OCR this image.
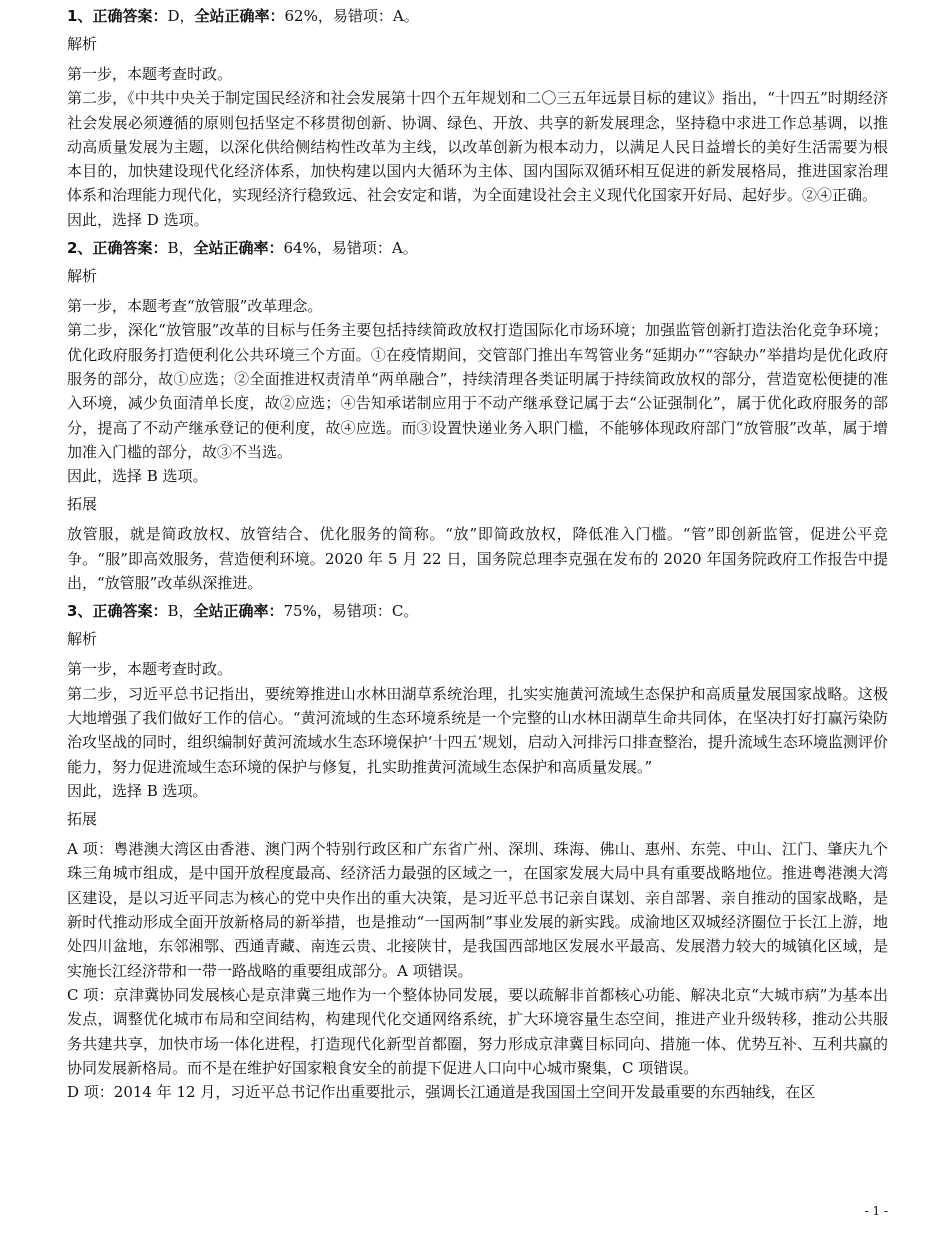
1、正确答案：D，全站正确率：62%，易错项：A。
解析

第一步，本题考查时政。

第二步，《中共中央关于制定国民经济和社会发展第十四个五年规划和二〇三五年远景目标的建议》指出，“十四五”时期经济社会发展必须遵循的原则包括坚定不移贯彻创新、协调、绿色、开放、共享的新发展理念，坚持稳中求进工作总基调，以推动高质量发展为主题，以深化供给侧结构性改革为主线，以改革创新为根本动力，以满足人民日益增长的美好生活需要为根本目的，加快建设现代化经济体系，加快构建以国内大循环为主体、国内国际双循环相互促进的新发展格局，推进国家治理体系和治理能力现代化，实现经济行稳致远、社会安定和谐，为全面建设社会主义现代化国家开好局、起好步。②④正确。

因此，选择 D 选项。

2、正确答案：B，全站正确率：64%，易错项：A。
解析

第一步，本题考查“放管服”改革理念。

第二步，深化“放管服”改革的目标与任务主要包括持续简政放权打造国际化市场环境；加强监管创新打造法治化竞争环境；优化政府服务打造便利化公共环境三个方面。①在疫情期间，交管部门推出车驾管业务“延期办”“容缺办”举措均是优化政府服务的部分，故①应选；②全面推进权责清单“两单融合”，持续清理各类证明属于持续简政放权的部分，营造宽松便捷的准入环境，减少负面清单长度，故②应选；④告知承诺制应用于不动产继承登记属于去“公证强制化”，属于优化政府服务的部分，提高了不动产继承登记的便利度，故④应选。而③设置快递业务入职门槛，不能够体现政府部门“放管服”改革，属于增加准入门槛的部分，故③不当选。

因此，选择 B 选项。

拓展

放管服，就是简政放权、放管结合、优化服务的简称。“放”即简政放权，降低准入门槛。“管”即创新监管，促进公平竞争。“服”即高效服务，营造便利环境。2020 年 5 月 22 日，国务院总理李克强在发布的 2020 年国务院政府工作报告中提出，“放管服”改革纵深推进。

3、正确答案：B，全站正确率：75%，易错项：C。
解析

第一步，本题考查时政。

第二步，习近平总书记指出，要统筹推进山水林田湖草系统治理，扎实实施黄河流域生态保护和高质量发展国家战略。这极大地增强了我们做好工作的信心。“黄河流域的生态环境系统是一个完整的山水林田湖草生命共同体，在坚决打好打赢污染防治攻坚战的同时，组织编制好黄河流域水生态环境保护‘十四五’规划，启动入河排污口排查整治，提升流域生态环境监测评价能力，努力促进流域生态环境的保护与修复，扎实助推黄河流域生态保护和高质量发展。”

因此，选择 B 选项。

拓展

A 项：粤港澳大湾区由香港、澳门两个特别行政区和广东省广州、深圳、珠海、佛山、惠州、东莞、中山、江门、肇庆九个珠三角城市组成，是中国开放程度最高、经济活力最强的区域之一，在国家发展大局中具有重要战略地位。推进粤港澳大湾区建设，是以习近平同志为核心的党中央作出的重大决策，是习近平总书记亲自谋划、亲自部署、亲自推动的国家战略，是新时代推动形成全面开放新格局的新举措，也是推动“一国两制”事业发展的新实践。成渝地区双城经济圈位于长江上游，地处四川盆地，东邻湘鄂、西通青藏、南连云贵、北接陕甘，是我国西部地区发展水平最高、发展潜力较大的城镇化区域，是实施长江经济带和一带一路战略的重要组成部分。A 项错误。

C 项：京津冀协同发展核心是京津冀三地作为一个整体协同发展，要以疏解非首都核心功能、解决北京“大城市病”为基本出发点，调整优化城市布局和空间结构，构建现代化交通网络系统，扩大环境容量生态空间，推进产业升级转移，推动公共服务共建共享，加快市场一体化进程，打造现代化新型首都圈，努力形成京津冀目标同向、措施一体、优势互补、互利共赢的协同发展新格局。而不是在维护好国家粮食安全的前提下促进人口向中心城市聚集，C 项错误。

D 项：2014 年 12 月，习近平总书记作出重要批示，强调长江通道是我国国土空间开发最重要的东西轴线，在区

- 1 -
